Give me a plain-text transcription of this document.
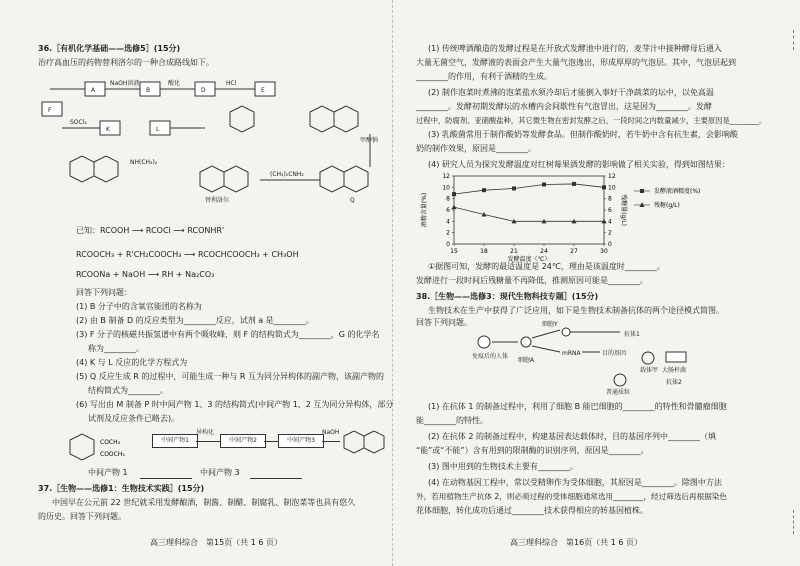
36.［有机化学基础——选修5］(15分)
治疗高血压的药物替利洛尔的一种合成路线如下。
A
NaOH溶液
B
酸化
D
HCl
E
F
SOCl₂
K	L
甲醇钠
NH(CH₃)₂
替利洛尔	Q
(CH₃)₂CNH₂
已知： RCOOH ⟶ RCOCl ⟶ RCONHR'
RCOOCH₃ + R'CH₂COOCH₃ ⟶ RCOCHCOOCH₃ + CH₃OH
RCOONa + NaOH ⟶ RH + Na₂CO₃
回答下列问题：
(1) B 分子中的含氧官能团的名称为
(2) 由 B 制备 D 的反应类型为________反应，试剂 a 是________。
(3) F 分子的核磁共振氢谱中有两个吸收峰，则 F 的结构简式为________，G 的化学名
称为________。
(4) K 与 L 反应的化学方程式为
(5) Q 反应生成 R 的过程中，可能生成一种与 R 互为同分异构体的副产物，该副产物的
结构简式为________。
(6) 写出由 M 制备 P 时中间产物 1、3 的结构简式(中间产物 1、2 互为同分异构体，部分
试剂及反应条件已略去)。
COCH₃
COOCH₃
中间产物1
异构化
中间产物2	中间产物3
NaOH
中间产物 1	中间产物 3
37.［生物——选修1：生物技术实践］(15分)
中国早在公元前 22 世纪就采用发酵酿酒，制酱、制醋、制腐乳、制泡菜等也具有悠久
的历史。回答下列问题。
高三理科综合　第15页（共 1 6 页）
(1) 传统啤酒酿造的发酵过程是在开放式发酵池中进行的，麦芽汁中接种酵母后通入
大量无菌空气，发酵液的表面会产生大量气泡逸出，形成厚厚的气泡层。其中，气泡层起到
________的作用，有利于酒精的生成。
(2) 制作泡菜时煮沸的泡菜盐水须冷却后才能倒入事好干净蔬菜的坛中，以免高温
________。发酵初期发酵坛的水槽内会间歇性有气泡冒出，这是因为________。发酵
过程中，防腐剂、亚硝酸盐种，其它微生物在密封发酵之后，一段时间之内数量减少，主要原因是________。
(3) 乳酸菌常用于制作酸奶等发酵食品。但制作酸奶时，若牛奶中含有抗生素，会影响酸
奶的制作效果，原因是________。
(4) 研究人员为探究发酵温度对红树莓果酒发酵的影响做了相关实验，得到如图结果：
0
2
4
6
8
10
12
0
2
4
6
8
10
12
15	18	21	24	27	30
发酵温度（℃）
酒精含量(%)	残糖量(g/L)
发酵液酒精度(%)
残糖(g/L)
①据图可知，发酵的最适温度是 24℃，理由是该温度时________。
发酵进行一段时间后残糖量不再降低，推测原因可能是________。
38.［生物——选修3：现代生物科技专题］(15分)
生物技术在生产中获得了广泛应用，如下是生物技术制备抗体的两个途径模式简图。
回答下列问题。
免疫后的人体
细胞A
细胞Y
抗体1
mRNA	目的基因
载体甲 大肠杆菌
抗体2
普通质粒
(1) 在抗体 1 的制备过程中，利用了细胞 B 能巴细胞的________的特性和骨髓瘤细胞
能________的特性。
(2) 在抗体 2 的制备过程中，构建基因表达载体时，目的基因序列中________（填
“能”或“不能”）含有用到的限制酶的识别序列，原因是________。
(3) 图中用到的生物技术主要有________。
(4) 在动物基因工程中，常以受精卵作为受体细胞，其原因是________。除图中方法
外，若用植物生产抗体 2，则必须过程的受体细胞通常选用________，经过筛选后再根据染色
花体细胞，转化成功后通过________技术获得相应的转基因植株。
高三理科综合　第16页（共 1 6 页）
